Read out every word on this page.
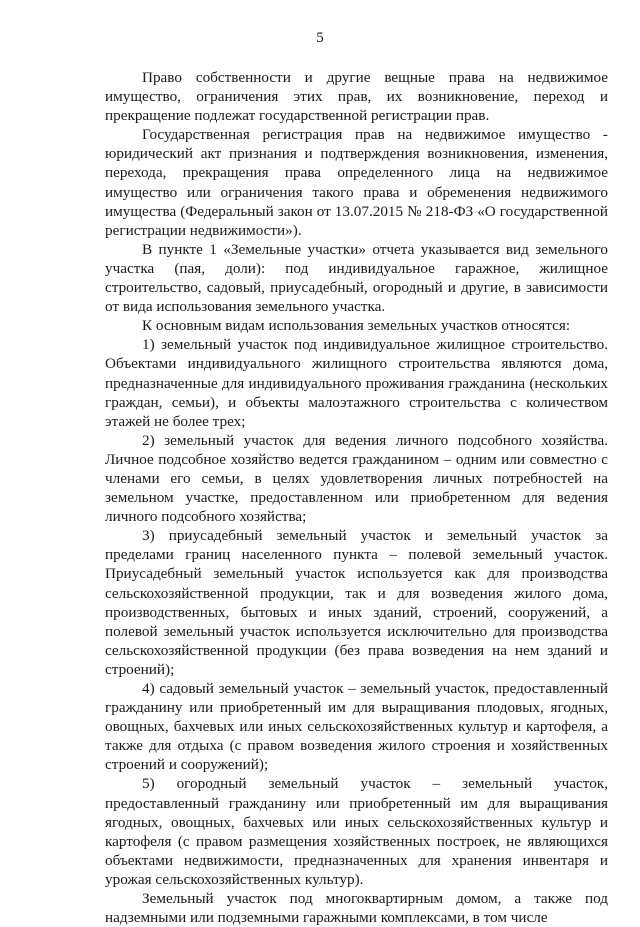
5

Право собственности и другие вещные права на недвижимое имущество, ограничения этих прав, их возникновение, переход и прекращение подлежат государственной регистрации прав.

Государственная регистрация прав на недвижимое имущество - юридический акт признания и подтверждения возникновения, изменения, перехода, прекращения права определенного лица на недвижимое имущество или ограничения такого права и обременения недвижимого имущества (Федеральный закон от 13.07.2015 № 218-ФЗ «О государственной регистрации недвижимости»).

В пункте 1 «Земельные участки» отчета указывается вид земельного участка (пая, доли): под индивидуальное гаражное, жилищное строительство, садовый, приусадебный, огородный и другие, в зависимости от вида использования земельного участка.

К основным видам использования земельных участков относятся:

1) земельный участок под индивидуальное жилищное строительство. Объектами индивидуального жилищного строительства являются дома, предназначенные для индивидуального проживания гражданина (нескольких граждан, семьи), и объекты малоэтажного строительства с количеством этажей не более трех;

2) земельный участок для ведения личного подсобного хозяйства. Личное подсобное хозяйство ведется гражданином – одним или совместно с членами его семьи, в целях удовлетворения личных потребностей на земельном участке, предоставленном или приобретенном для ведения личного подсобного хозяйства;

3) приусадебный земельный участок и земельный участок за пределами границ населенного пункта – полевой земельный участок. Приусадебный земельный участок используется как для производства сельскохозяйственной продукции, так и для возведения жилого дома, производственных, бытовых и иных зданий, строений, сооружений, а полевой земельный участок используется исключительно для производства сельскохозяйственной продукции (без права возведения на нем зданий и строений);

4) садовый земельный участок – земельный участок, предоставленный гражданину или приобретенный им для выращивания плодовых, ягодных, овощных, бахчевых или иных сельскохозяйственных культур и картофеля, а также для отдыха (с правом возведения жилого строения и хозяйственных строений и сооружений);

5) огородный земельный участок – земельный участок, предоставленный гражданину или приобретенный им для выращивания ягодных, овощных, бахчевых или иных сельскохозяйственных культур и картофеля (с правом размещения хозяйственных построек, не являющихся объектами недвижимости, предназначенных для хранения инвентаря и урожая сельскохозяйственных культур).

Земельный участок под многоквартирным домом, а также под надземными или подземными гаражными комплексами, в том числе
